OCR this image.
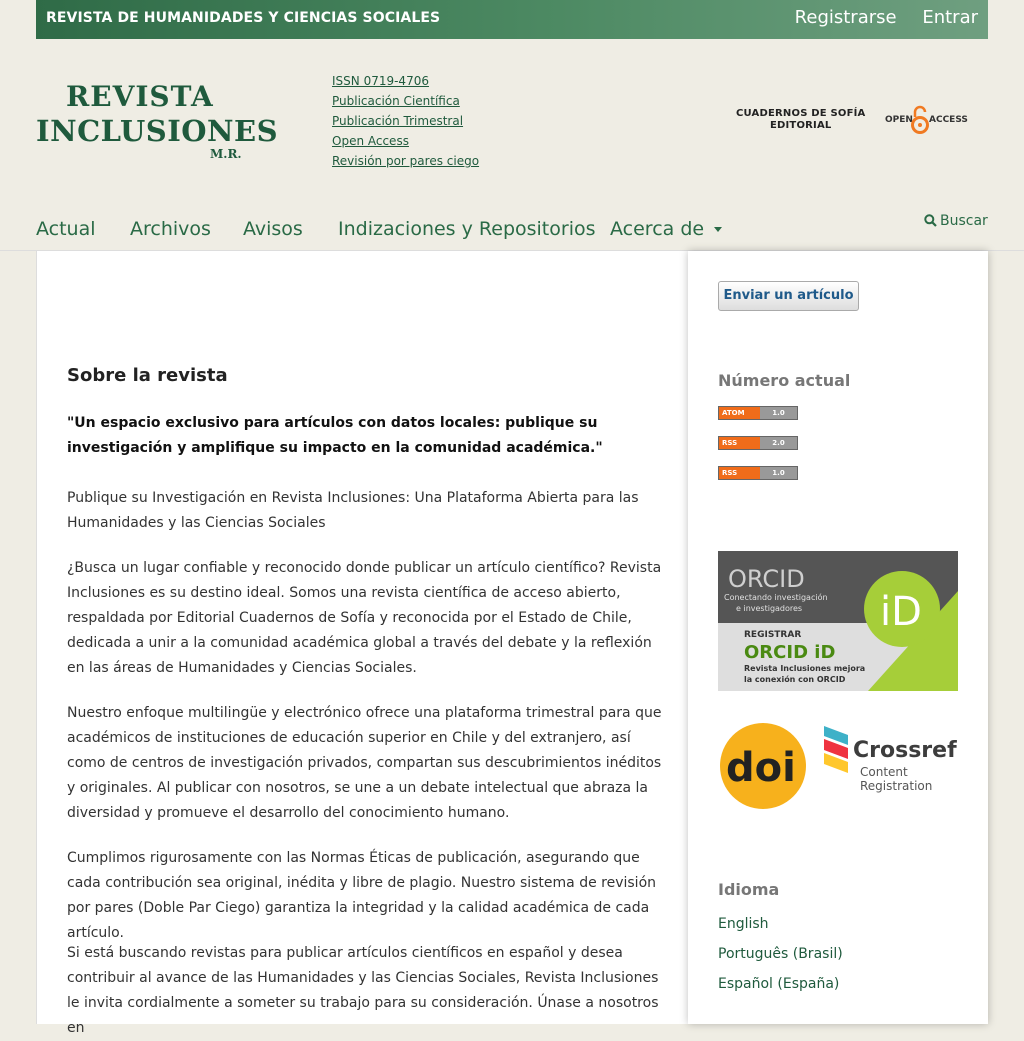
REVISTA DE HUMANIDADES Y CIENCIAS SOCIALES	Registrarse Entrar
REVISTA
INCLUSIONES
M.R.
ISSN 0719-4706
Publicación Científica
Publicación Trimestral
Open Access
Revisión por pares ciego
CUADERNOS DE SOFÍA
EDITORIAL	OPEN ACCESS
Actual Archivos Avisos Indizaciones y Repositorios Acerca de	Buscar
Sobre la revista

"Un espacio exclusivo para artículos con datos locales: publique su investigación y amplifique su impacto en la comunidad académica."

Publique su Investigación en Revista Inclusiones: Una Plataforma Abierta para las Humanidades y las Ciencias Sociales

¿Busca un lugar confiable y reconocido donde publicar un artículo científico? Revista Inclusiones es su destino ideal. Somos una revista científica de acceso abierto, respaldada por Editorial Cuadernos de Sofía y reconocida por el Estado de Chile, dedicada a unir a la comunidad académica global a través del debate y la reflexión en las áreas de Humanidades y Ciencias Sociales.

Nuestro enfoque multilingüe y electrónico ofrece una plataforma trimestral para que académicos de instituciones de educación superior en Chile y del extranjero, así como de centros de investigación privados, compartan sus descubrimientos inéditos y originales. Al publicar con nosotros, se une a un debate intelectual que abraza la diversidad y promueve el desarrollo del conocimiento humano.

Cumplimos rigurosamente con las Normas Éticas de publicación, asegurando que cada contribución sea original, inédita y libre de plagio. Nuestro sistema de revisión por pares (Doble Par Ciego) garantiza la integridad y la calidad académica de cada artículo.

Si está buscando revistas para publicar artículos científicos en español y desea contribuir al avance de las Humanidades y las Ciencias Sociales, Revista Inclusiones le invita cordialmente a someter su trabajo para su consideración. Únase a nosotros en

Enviar un artículo
Número actual
ATOM	1.0
RSS	2.0
RSS	1.0
ORCID
Conectando investigación
e investigadores
REGISTRAR
ORCID iD
Revista Inclusiones mejora
la conexión con ORCID
iD
doi	Crossref
Content
Registration
Idioma
English
Português (Brasil)
Español (España)
